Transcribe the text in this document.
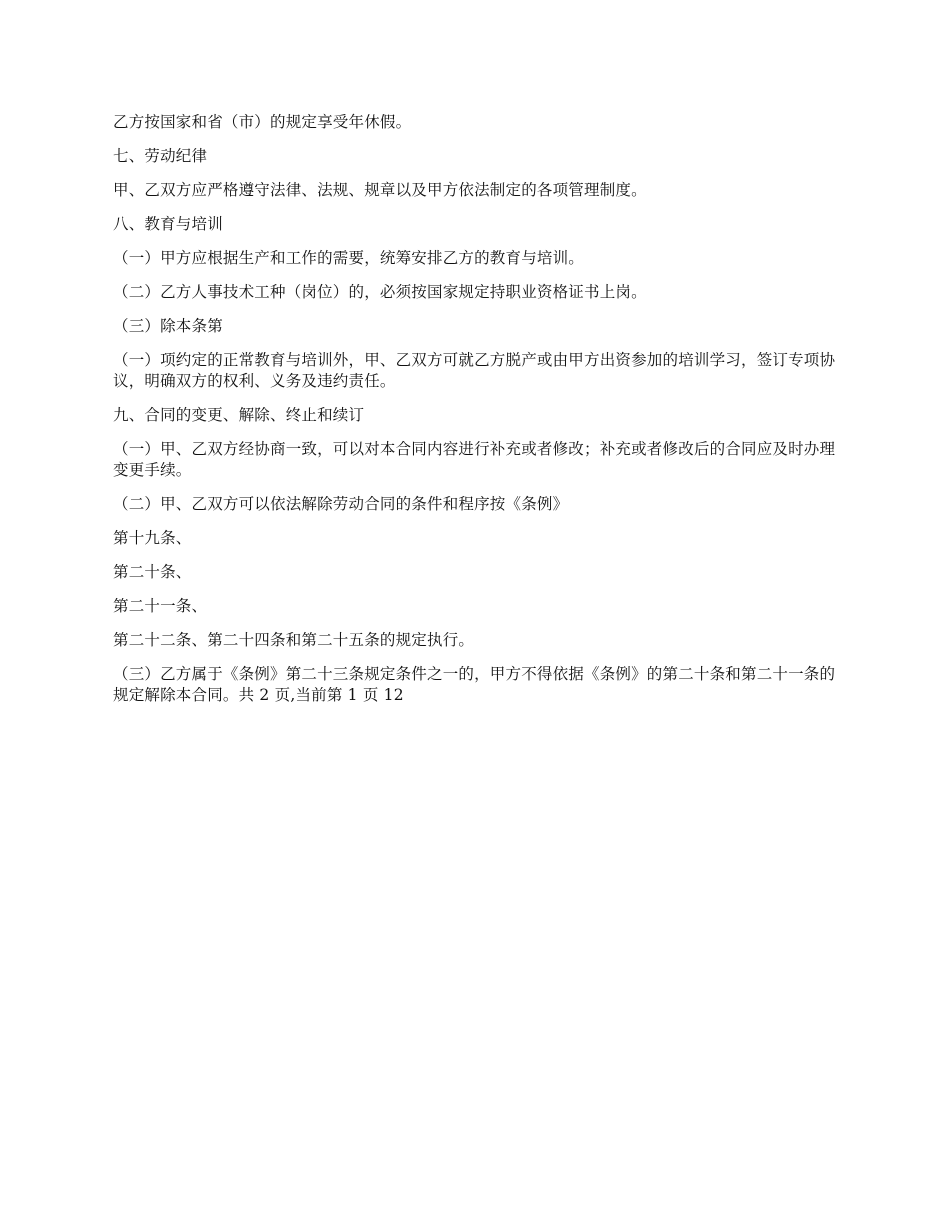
乙方按国家和省（市）的规定享受年休假。

七、劳动纪律

甲、乙双方应严格遵守法律、法规、规章以及甲方依法制定的各项管理制度。

八、教育与培训

（一）甲方应根据生产和工作的需要，统筹安排乙方的教育与培训。

（二）乙方人事技术工种（岗位）的，必须按国家规定持职业资格证书上岗。

（三）除本条第

（一）项约定的正常教育与培训外，甲、乙双方可就乙方脱产或由甲方出资参加的培训学习，签订专项协议，明确双方的权利、义务及违约责任。

九、合同的变更、解除、终止和续订

（一）甲、乙双方经协商一致，可以对本合同内容进行补充或者修改；补充或者修改后的合同应及时办理变更手续。

（二）甲、乙双方可以依法解除劳动合同的条件和程序按《条例》

第十九条、

第二十条、

第二十一条、

第二十二条、第二十四条和第二十五条的规定执行。

（三）乙方属于《条例》第二十三条规定条件之一的，甲方不得依据《条例》的第二十条和第二十一条的规定解除本合同。共 2 页,当前第 1 页 12
